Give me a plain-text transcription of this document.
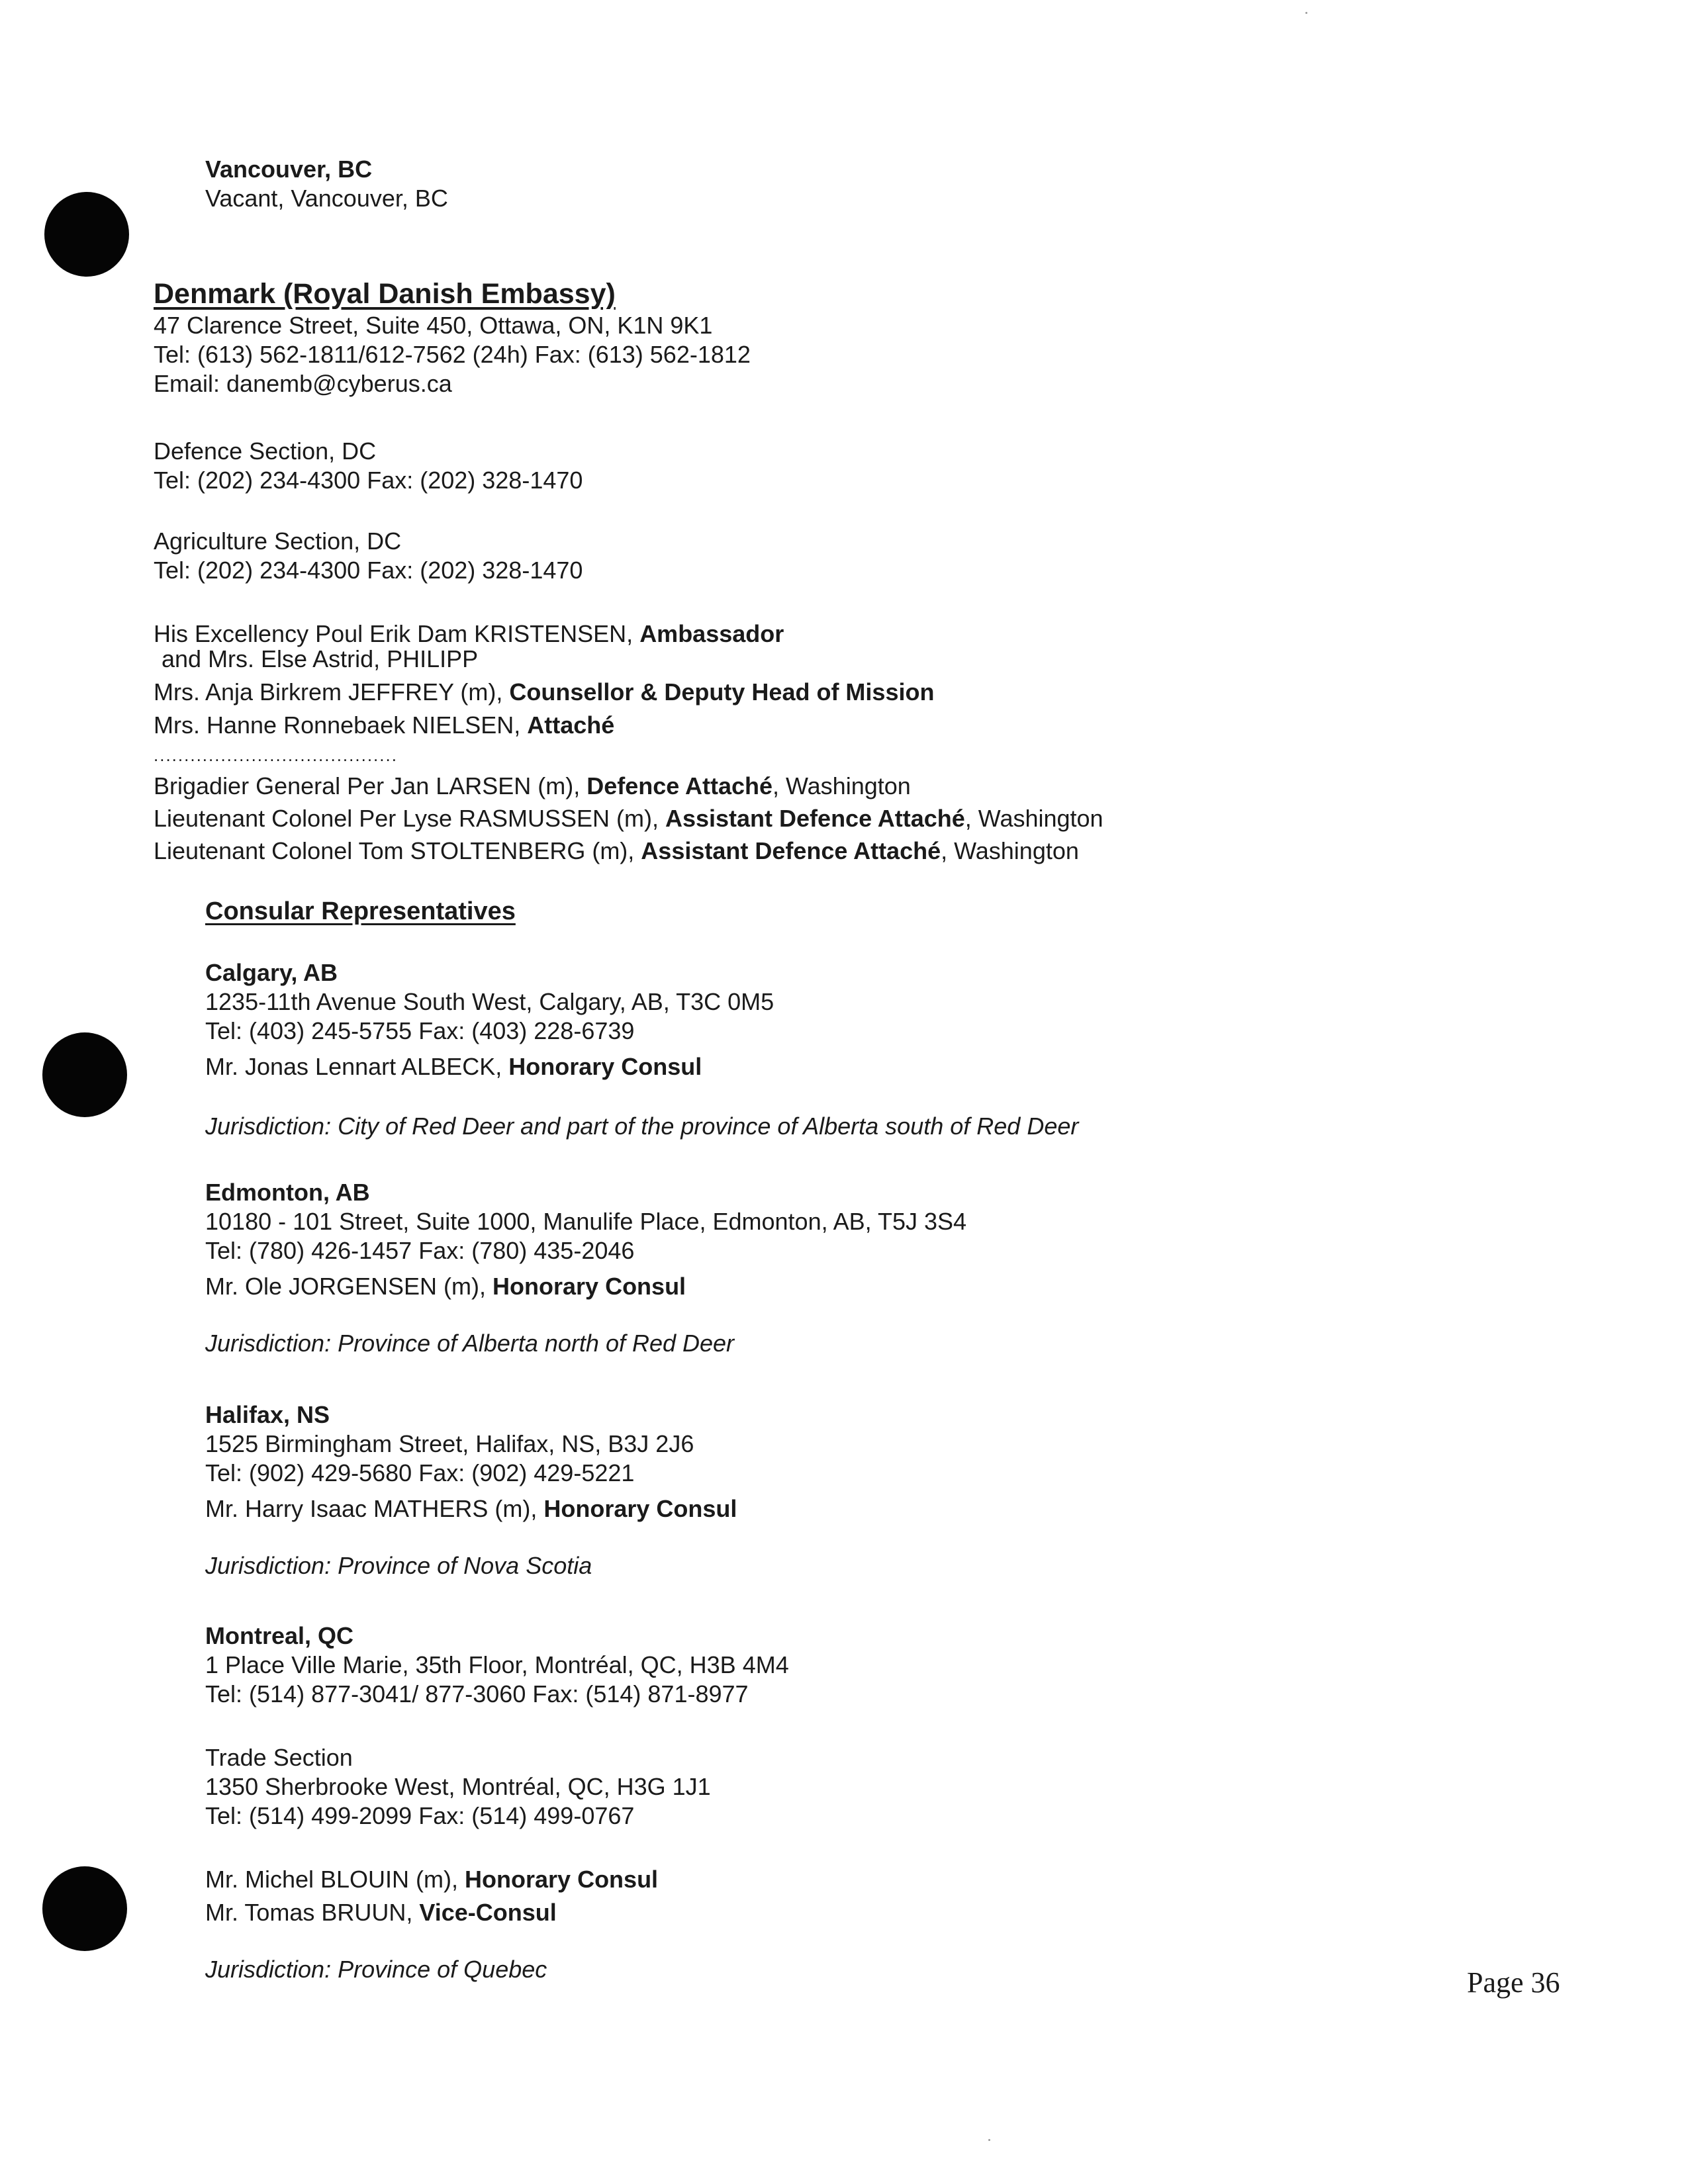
Vancouver, BC
Vacant, Vancouver, BC
Denmark (Royal Danish Embassy)
47 Clarence Street, Suite 450, Ottawa, ON, K1N 9K1
Tel: (613) 562-1811/612-7562 (24h) Fax: (613) 562-1812
Email: danemb@cyberus.ca
Defence Section, DC
Tel: (202) 234-4300 Fax: (202) 328-1470
Agriculture Section, DC
Tel: (202) 234-4300 Fax: (202) 328-1470
His Excellency Poul Erik Dam KRISTENSEN, Ambassador
and Mrs. Else Astrid, PHILIPP
Mrs. Anja Birkrem JEFFREY (m), Counsellor & Deputy Head of Mission
Mrs. Hanne Ronnebaek NIELSEN, Attaché
........................................
Brigadier General Per Jan LARSEN (m), Defence Attaché, Washington
Lieutenant Colonel Per Lyse RASMUSSEN (m), Assistant Defence Attaché, Washington
Lieutenant Colonel Tom STOLTENBERG (m), Assistant Defence Attaché, Washington
Consular Representatives
Calgary, AB
1235-11th Avenue South West, Calgary, AB, T3C 0M5
Tel: (403) 245-5755 Fax: (403) 228-6739
Mr. Jonas Lennart ALBECK, Honorary Consul
Jurisdiction: City of Red Deer and part of the province of Alberta south of Red Deer
Edmonton, AB
10180 - 101 Street, Suite 1000, Manulife Place, Edmonton, AB, T5J 3S4
Tel: (780) 426-1457 Fax: (780) 435-2046
Mr. Ole JORGENSEN (m), Honorary Consul
Jurisdiction: Province of Alberta north of Red Deer
Halifax, NS
1525 Birmingham Street, Halifax, NS, B3J 2J6
Tel: (902) 429-5680 Fax: (902) 429-5221
Mr. Harry Isaac MATHERS (m), Honorary Consul
Jurisdiction: Province of Nova Scotia
Montreal, QC
1 Place Ville Marie, 35th Floor, Montréal, QC, H3B 4M4
Tel: (514) 877-3041/ 877-3060 Fax: (514) 871-8977
Trade Section
1350 Sherbrooke West, Montréal, QC, H3G 1J1
Tel: (514) 499-2099 Fax: (514) 499-0767
Mr. Michel BLOUIN (m), Honorary Consul
Mr. Tomas BRUUN, Vice-Consul
Jurisdiction: Province of Quebec	Page 36
